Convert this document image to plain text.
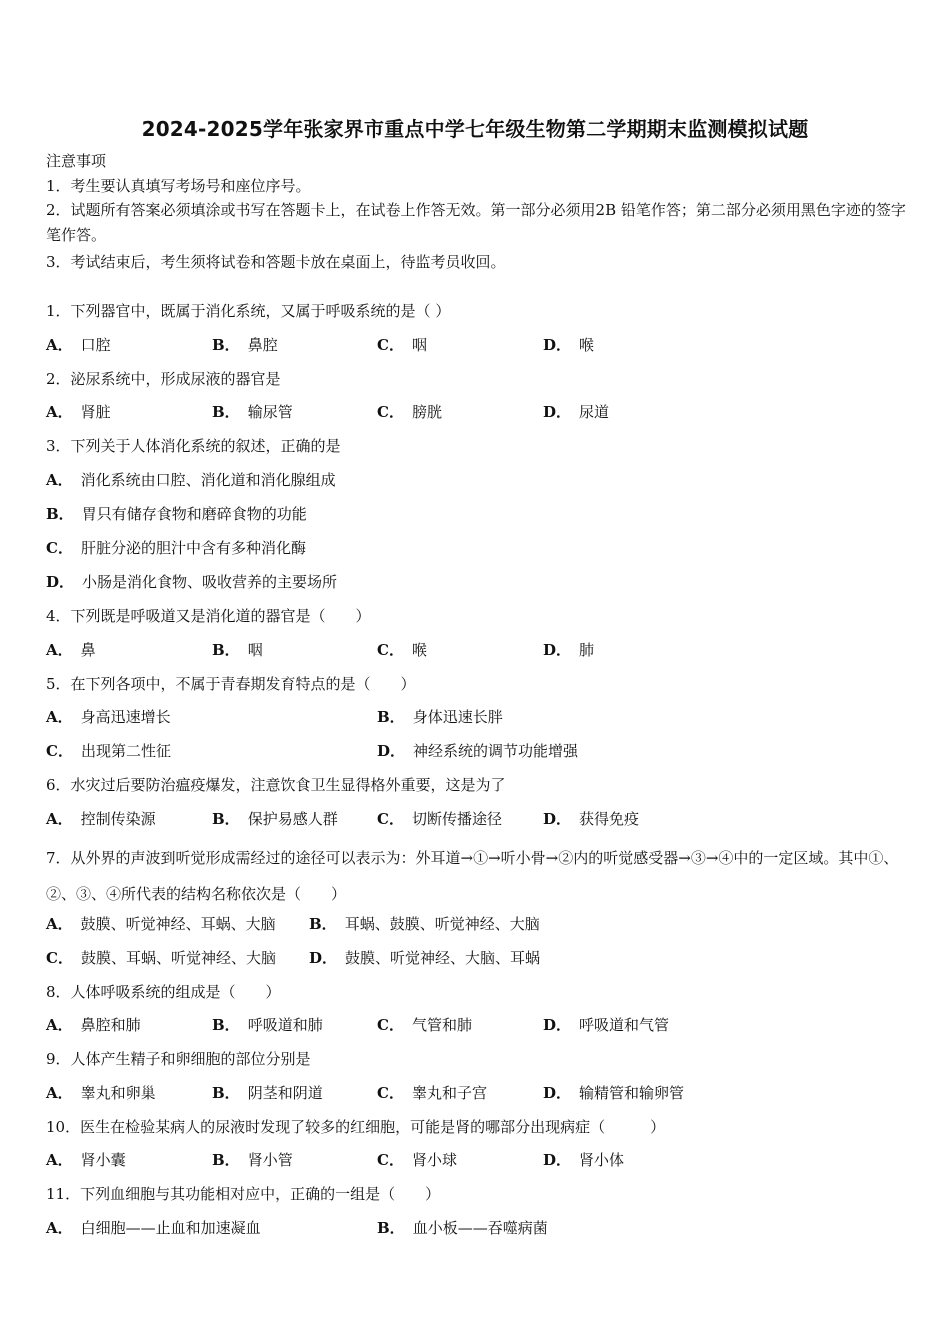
2024-2025学年张家界市重点中学七年级生物第二学期期末监测模拟试题
注意事项
1．考生要认真填写考场号和座位序号。
2．试题所有答案必须填涂或书写在答题卡上，在试卷上作答无效。第一部分必须用2B 铅笔作答；第二部分必须用黑色字迹的签字笔作答。
3．考试结束后，考生须将试卷和答题卡放在桌面上，待监考员收回。
1．下列器官中，既属于消化系统，又属于呼吸系统的是（ ）
A． 口腔	B． 鼻腔	C． 咽	D． 喉
2．泌尿系统中，形成尿液的器官是
A． 肾脏	B． 输尿管	C． 膀胱	D． 尿道
3．下列关于人体消化系统的叙述，正确的是
A． 消化系统由口腔、消化道和消化腺组成
B． 胃只有储存食物和磨碎食物的功能
C． 肝脏分泌的胆汁中含有多种消化酶
D． 小肠是消化食物、吸收营养的主要场所
4．下列既是呼吸道又是消化道的器官是（　　）
A． 鼻	B． 咽	C． 喉	D． 肺
5．在下列各项中，不属于青春期发育特点的是（　　）
A． 身高迅速增长	B． 身体迅速长胖
C． 出现第二性征	D． 神经系统的调节功能增强
6．水灾过后要防治瘟疫爆发，注意饮食卫生显得格外重要，这是为了
A． 控制传染源	B． 保护易感人群	C． 切断传播途径	D． 获得免疫
7．从外界的声波到听觉形成需经过的途径可以表示为：外耳道→①→听小骨→②内的听觉感受器→③→④中的一定区域。其中①、②、③、④所代表的结构名称依次是（　　）
A． 鼓膜、听觉神经、耳蜗、大脑 B． 耳蜗、鼓膜、听觉神经、大脑
C． 鼓膜、耳蜗、听觉神经、大脑 D． 鼓膜、听觉神经、大脑、耳蜗
8．人体呼吸系统的组成是（　　）
A． 鼻腔和肺	B． 呼吸道和肺	C． 气管和肺	D． 呼吸道和气管
9．人体产生精子和卵细胞的部位分别是
A． 睾丸和卵巢	B． 阴茎和阴道	C． 睾丸和子宫	D． 输精管和输卵管
10．医生在检验某病人的尿液时发现了较多的红细胞，可能是肾的哪部分出现病症（　　　）
A． 肾小囊	B． 肾小管	C． 肾小球	D． 肾小体
11．下列血细胞与其功能相对应中，正确的一组是（　　）
A． 白细胞——止血和加速凝血	B． 血小板——吞噬病菌
